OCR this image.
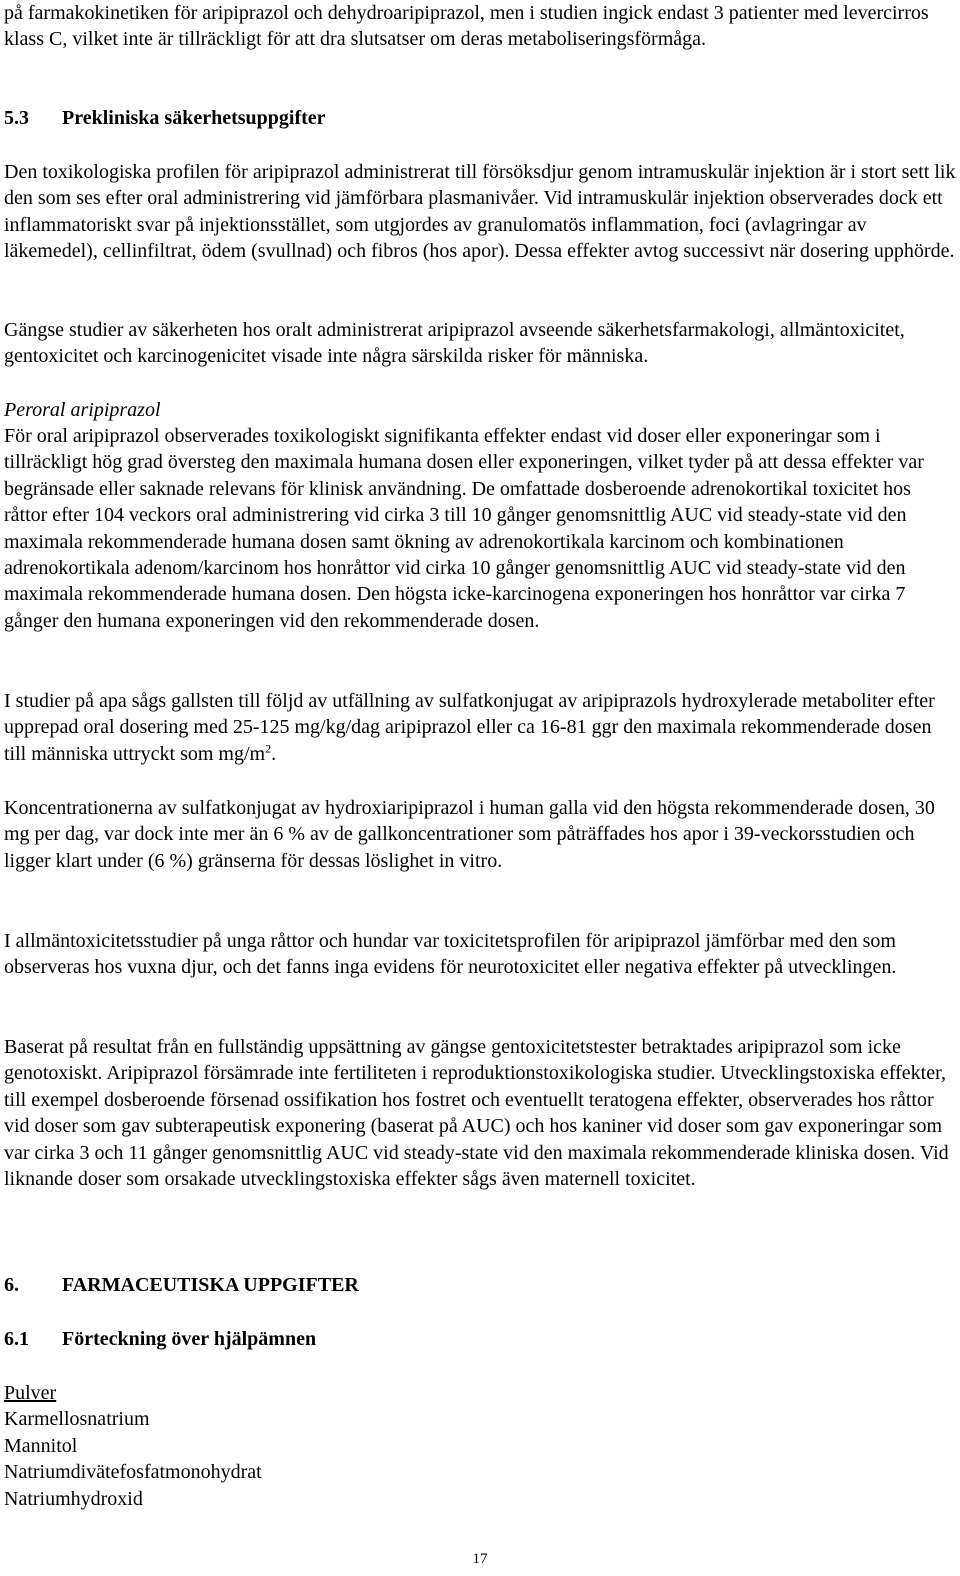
på farmakokinetiken för aripiprazol och dehydroaripiprazol, men i studien ingick endast 3 patienter med levercirros klass C, vilket inte är tillräckligt för att dra slutsatser om deras metaboliseringsförmåga.

5.3 Prekliniska säkerhetsuppgifter

Den toxikologiska profilen för aripiprazol administrerat till försöksdjur genom intramuskulär injektion är i stort sett lik den som ses efter oral administrering vid jämförbara plasmanivåer. Vid intramuskulär injektion observerades dock ett inflammatoriskt svar på injektionsstället, som utgjordes av granulomatös inflammation, foci (avlagringar av läkemedel), cellinfiltrat, ödem (svullnad) och fibros (hos apor). Dessa effekter avtog successivt när dosering upphörde.

Gängse studier av säkerheten hos oralt administrerat aripiprazol avseende säkerhetsfarmakologi, allmäntoxicitet, gentoxicitet och karcinogenicitet visade inte några särskilda risker för människa.

Peroral aripiprazol

För oral aripiprazol observerades toxikologiskt signifikanta effekter endast vid doser eller exponeringar som i tillräckligt hög grad översteg den maximala humana dosen eller exponeringen, vilket tyder på att dessa effekter var begränsade eller saknade relevans för klinisk användning. De omfattade dosberoende adrenokortikal toxicitet hos råttor efter 104 veckors oral administrering vid cirka 3 till 10 gånger genomsnittlig AUC vid steady-state vid den maximala rekommenderade humana dosen samt ökning av adrenokortikala karcinom och kombinationen adrenokortikala adenom/karcinom hos honråttor vid cirka 10 gånger genomsnittlig AUC vid steady-state vid den maximala rekommenderade humana dosen. Den högsta icke-karcinogena exponeringen hos honråttor var cirka 7 gånger den humana exponeringen vid den rekommenderade dosen.

I studier på apa sågs gallsten till följd av utfällning av sulfatkonjugat av aripiprazols hydroxylerade metaboliter efter upprepad oral dosering med 25-125 mg/kg/dag aripiprazol eller ca 16-81 ggr den maximala rekommenderade dosen till människa uttryckt som $mg/m^2$.

Koncentrationerna av sulfatkonjugat av hydroxiaripiprazol i human galla vid den högsta rekommenderade dosen, 30 mg per dag, var dock inte mer än 6 % av de gallkoncentrationer som påträffades hos apor i 39-veckorsstudien och ligger klart under (6 %) gränserna för dessas löslighet in vitro.

I allmäntoxicitetsstudier på unga råttor och hundar var toxicitetsprofilen för aripiprazol jämförbar med den som observeras hos vuxna djur, och det fanns inga evidens för neurotoxicitet eller negativa effekter på utvecklingen.

Baserat på resultat från en fullständig uppsättning av gängse gentoxicitetstester betraktades aripiprazol som icke genotoxiskt. Aripiprazol försämrade inte fertiliteten i reproduktionstoxikologiska studier. Utvecklingstoxiska effekter, till exempel dosberoende försenad ossifikation hos fostret och eventuellt teratogena effekter, observerades hos råttor vid doser som gav subterapeutisk exponering (baserat på AUC) och hos kaniner vid doser som gav exponeringar som var cirka 3 och 11 gånger genomsnittlig AUC vid steady-state vid den maximala rekommenderade kliniska dosen. Vid liknande doser som orsakade utvecklingstoxiska effekter sågs även maternell toxicitet.

6. FARMACEUTISKA UPPGIFTER
6.1 Förteckning över hjälpämnen
Pulver
Karmellosnatrium
Mannitol
Natriumdivätefosfatmonohydrat
Natriumhydroxid
17
